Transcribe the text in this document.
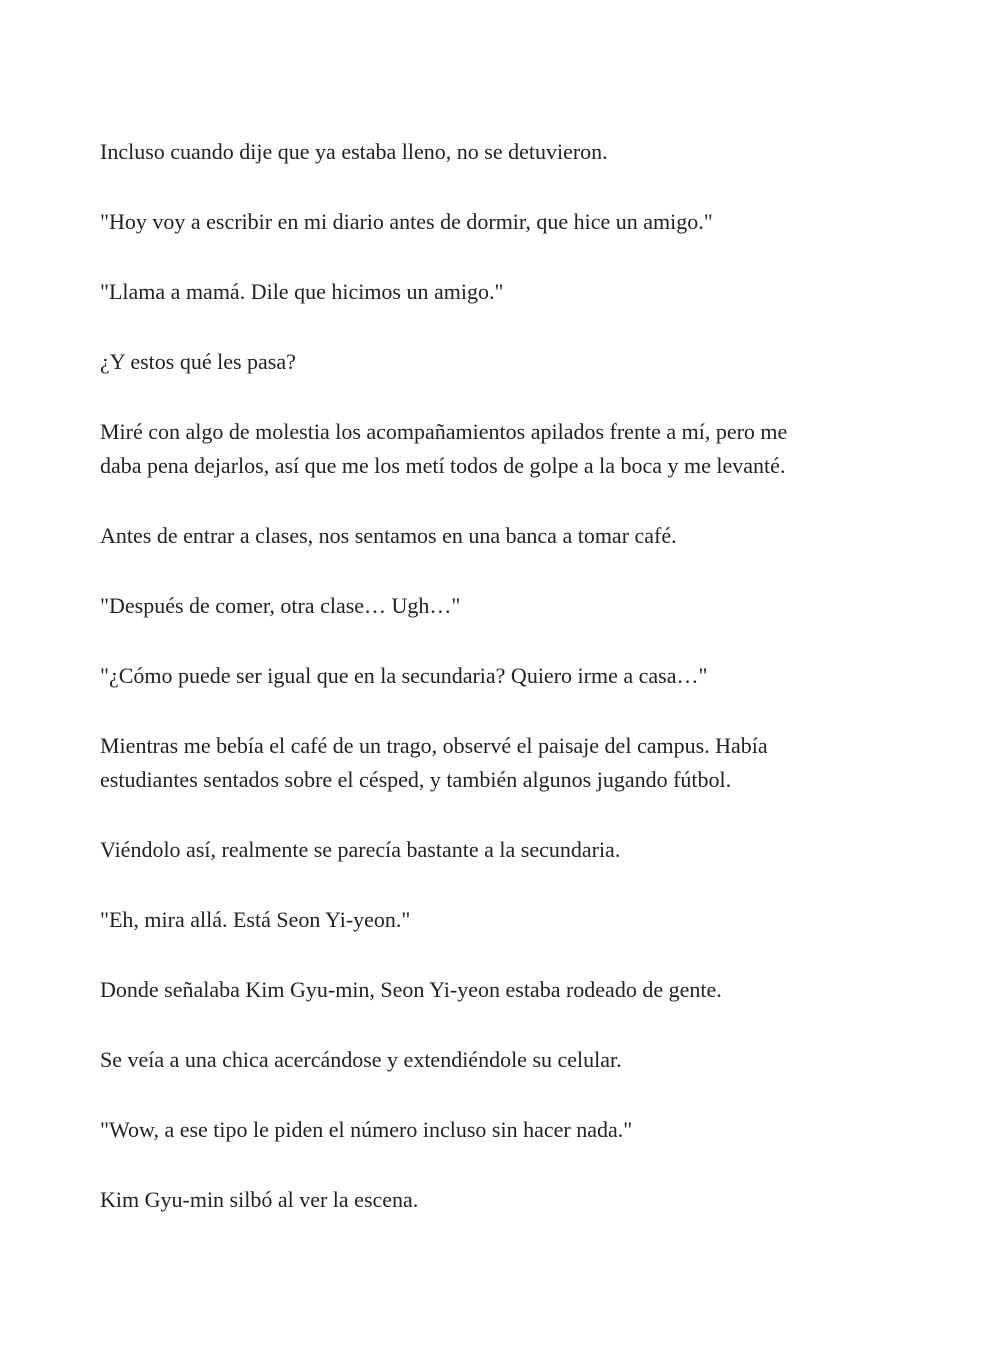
Incluso cuando dije que ya estaba lleno, no se detuvieron.

"Hoy voy a escribir en mi diario antes de dormir, que hice un amigo."

"Llama a mamá. Dile que hicimos un amigo."

¿Y estos qué les pasa?

Miré con algo de molestia los acompañamientos apilados frente a mí, pero me
daba pena dejarlos, así que me los metí todos de golpe a la boca y me levanté.

Antes de entrar a clases, nos sentamos en una banca a tomar café.

"Después de comer, otra clase… Ugh…"

"¿Cómo puede ser igual que en la secundaria? Quiero irme a casa…"

Mientras me bebía el café de un trago, observé el paisaje del campus. Había
estudiantes sentados sobre el césped, y también algunos jugando fútbol.

Viéndolo así, realmente se parecía bastante a la secundaria.

"Eh, mira allá. Está Seon Yi-yeon."

Donde señalaba Kim Gyu-min, Seon Yi-yeon estaba rodeado de gente.

Se veía a una chica acercándose y extendiéndole su celular.

"Wow, a ese tipo le piden el número incluso sin hacer nada."

Kim Gyu-min silbó al ver la escena.
